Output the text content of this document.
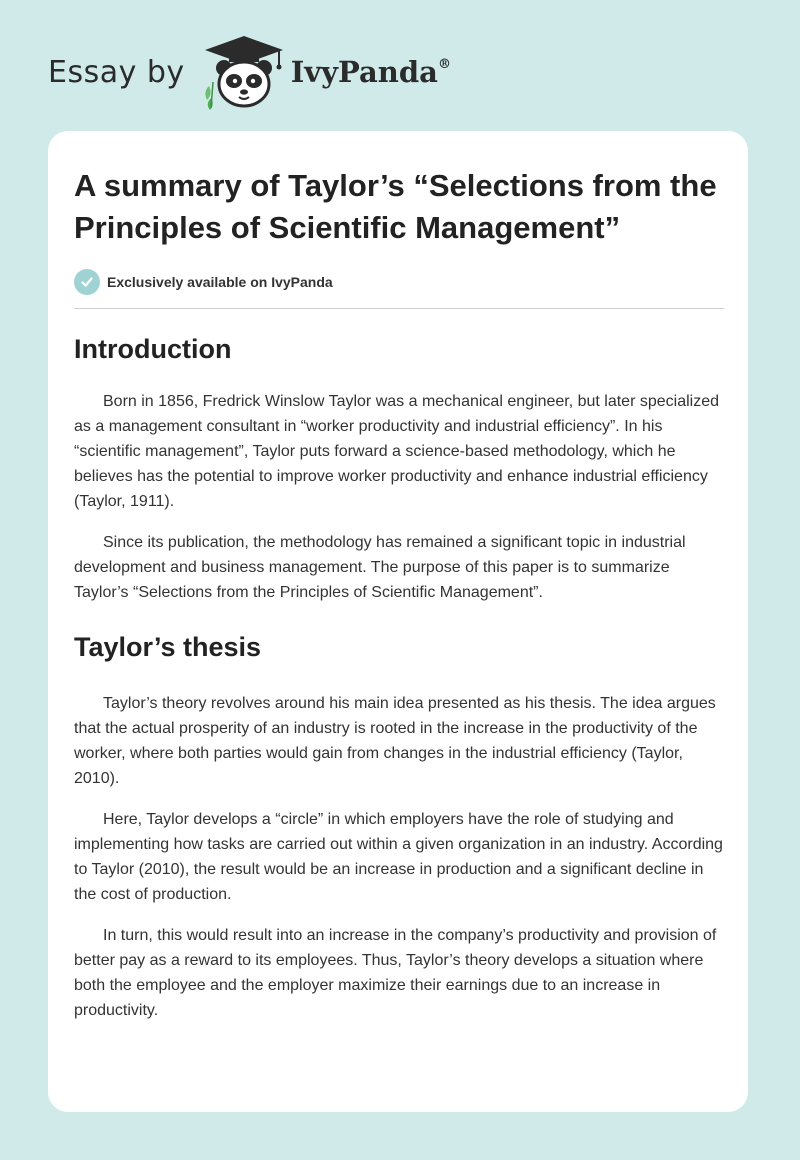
Essay by	IvyPanda®
A summary of Taylor’s “Selections from the Principles of Scientific Management”
Exclusively available on IvyPanda
Introduction

Born in 1856, Fredrick Winslow Taylor was a mechanical engineer, but later specialized as a management consultant in “worker productivity and industrial efficiency”. In his “scientific management”, Taylor puts forward a science-based methodology, which he believes has the potential to improve worker productivity and enhance industrial efficiency (Taylor, 1911).

Since its publication, the methodology has remained a significant topic in industrial development and business management. The purpose of this paper is to summarize Taylor’s “Selections from the Principles of Scientific Management”.

Taylor’s thesis

Taylor’s theory revolves around his main idea presented as his thesis. The idea argues that the actual prosperity of an industry is rooted in the increase in the productivity of the worker, where both parties would gain from changes in the industrial efficiency (Taylor, 2010).

Here, Taylor develops a “circle” in which employers have the role of studying and implementing how tasks are carried out within a given organization in an industry. According to Taylor (2010), the result would be an increase in production and a significant decline in the cost of production.

In turn, this would result into an increase in the company’s productivity and provision of better pay as a reward to its employees. Thus, Taylor’s theory develops a situation where both the employee and the employer maximize their earnings due to an increase in productivity.
